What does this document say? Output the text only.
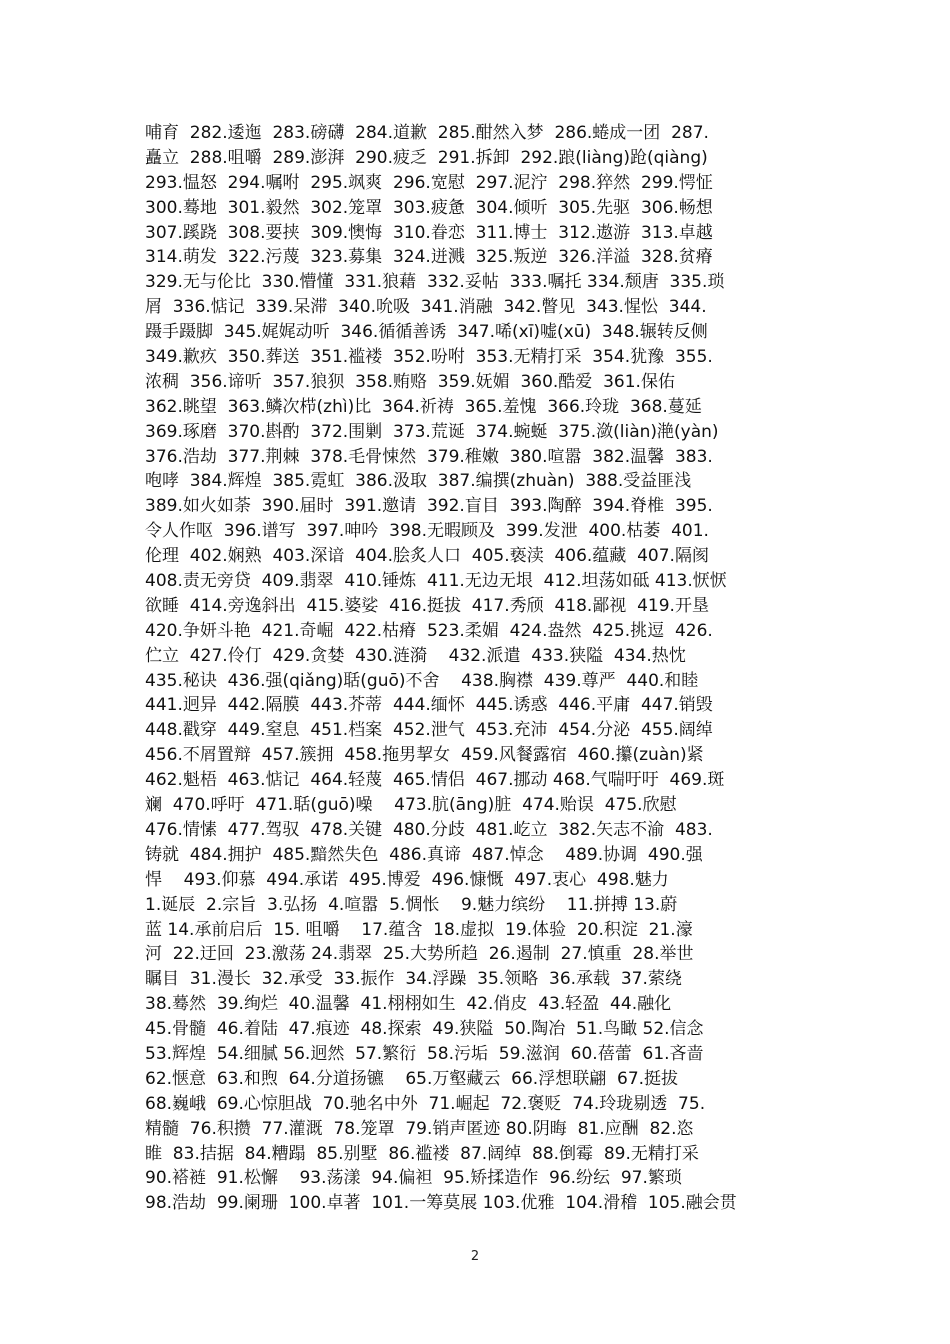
哺育  282.逶迤  283.磅礴  284.道歉  285.酣然入梦  286.蜷成一团  287.
矗立  288.咀嚼  289.澎湃  290.疲乏  291.拆卸  292.踉(liàng)跄(qiàng)
293.愠怒  294.嘱咐  295.飒爽  296.宽慰  297.泥泞  298.猝然  299.愕怔
300.蓦地  301.毅然  302.笼罩  303.疲惫  304.倾听  305.先驱  306.畅想
307.蹊跷  308.要挟  309.懊悔  310.眷恋  311.博士  312.遨游  313.卓越
314.萌发  322.污蔑  323.募集  324.迸溅  325.叛逆  326.洋溢  328.贫瘠
329.无与伦比  330.懵懂  331.狼藉  332.妥帖  333.嘱托 334.颓唐  335.琐
屑  336.惦记  339.呆滞  340.吮吸  341.消融  342.瞥见  343.惺忪  344.
蹑手蹑脚  345.娓娓动听  346.循循善诱  347.唏(xī)嘘(xū)  348.辗转反侧
349.歉疚  350.葬送  351.褴褛  352.吩咐  353.无精打采  354.犹豫  355.
浓稠  356.谛听  357.狼狈  358.贿赂  359.妩媚  360.酷爱  361.保佑
362.眺望  363.鳞次栉(zhì)比  364.祈祷  365.羞愧  366.玲珑  368.蔓延
369.琢磨  370.斟酌  372.围剿  373.荒诞  374.蜿蜒  375.潋(liàn)滟(yàn)
376.浩劫  377.荆棘  378.毛骨悚然  379.稚嫩  380.喧嚣  382.温馨  383.
咆哮  384.辉煌  385.霓虹  386.汲取  387.编撰(zhuàn)  388.受益匪浅
389.如火如荼  390.届时  391.邀请  392.盲目  393.陶醉  394.脊椎  395.
令人作呕  396.谱写  397.呻吟  398.无暇顾及  399.发泄  400.枯萎  401.
伦理  402.娴熟  403.深谙  404.脍炙人口  405.亵渎  406.蕴藏  407.隔阂
408.责无旁贷  409.翡翠  410.锤炼  411.无边无垠  412.坦荡如砥 413.恹恹
欲睡  414.旁逸斜出  415.婆娑  416.挺拔  417.秀颀  418.鄙视  419.开垦
420.争妍斗艳  421.奇崛  422.枯瘠  523.柔媚  424.盎然  425.挑逗  426.
伫立  427.伶仃  429.贪婪  430.涟漪    432.派遣  433.狭隘  434.热忱
435.秘诀  436.强(qiǎng)聒(guō)不舍    438.胸襟  439.尊严  440.和睦
441.迥异  442.隔膜  443.芥蒂  444.缅怀  445.诱惑  446.平庸  447.销毁
448.戳穿  449.窒息  451.档案  452.泄气  453.充沛  454.分泌  455.阔绰
456.不屑置辩  457.簇拥  458.拖男挈女  459.风餐露宿  460.攥(zuàn)紧
462.魁梧  463.惦记  464.轻蔑  465.情侣  467.挪动 468.气喘吁吁  469.斑
斓  470.呼吁  471.聒(guō)噪    473.肮(āng)脏  474.贻误  475.欣慰
476.情愫  477.驾驭  478.关键  480.分歧  481.屹立  382.矢志不渝  483.
铸就  484.拥护  485.黯然失色  486.真谛  487.悼念    489.协调  490.强
悍    493.仰慕  494.承诺  495.博爱  496.慷慨  497.衷心  498.魅力
1.诞辰  2.宗旨  3.弘扬  4.喧嚣  5.惆怅    9.魅力缤纷    11.拼搏 13.蔚
蓝 14.承前启后  15. 咀嚼    17.蕴含  18.虚拟  19.体验  20.积淀  21.濠
河  22.迂回  23.激荡 24.翡翠  25.大势所趋  26.遏制  27.慎重  28.举世
瞩目  31.漫长  32.承受  33.振作  34.浮躁  35.领略  36.承载  37.萦绕
38.蓦然  39.绚烂  40.温馨  41.栩栩如生  42.俏皮  43.轻盈  44.融化
45.骨髓  46.着陆  47.痕迹  48.探索  49.狭隘  50.陶冶  51.鸟瞰 52.信念
53.辉煌  54.细腻 56.迥然  57.繁衍  58.污垢  59.滋润  60.蓓蕾  61.吝啬
62.惬意  63.和煦  64.分道扬镳    65.万壑藏云  66.浮想联翩  67.挺拔
68.巍峨  69.心惊胆战  70.驰名中外  71.崛起  72.褒贬  74.玲珑剔透  75.
精髓  76.积攒  77.灌溉  78.笼罩  79.销声匿迹 80.阴晦  81.应酬  82.恣
睢  83.拮据  84.糟蹋  85.别墅  86.褴褛  87.阔绰  88.倒霉  89.无精打采
90.褡裢  91.松懈    93.荡漾  94.偏袒  95.矫揉造作  96.纷纭  97.繁琐
98.浩劫  99.阑珊  100.卓著  101.一筹莫展 103.优雅  104.滑稽  105.融会贯
2
